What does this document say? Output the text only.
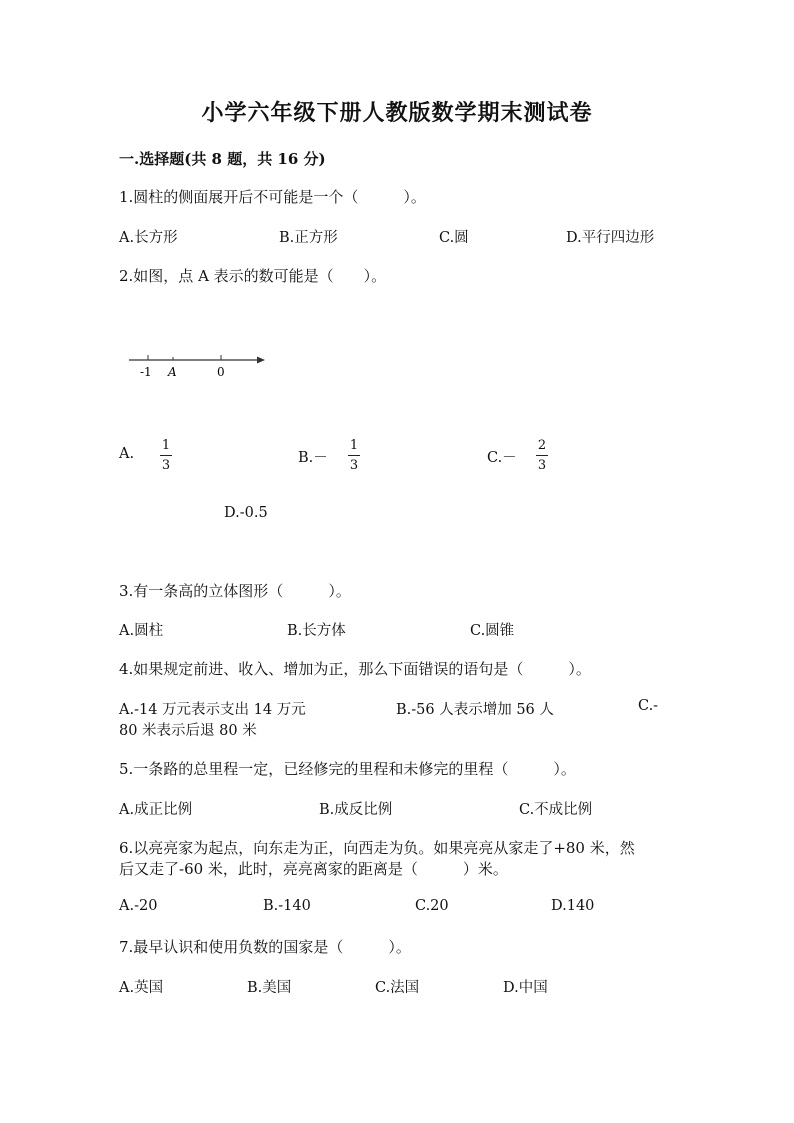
小学六年级下册人教版数学期末测试卷
一.选择题(共 8 题，共 16 分)
1.圆柱的侧面展开后不可能是一个（　　　）。
A.长方形	B.正方形	C.圆	D.平行四边形
2.如图，点 A 表示的数可能是（　　）。
-1 A	0
A.
1
3	B.－
1
3	C.－
2
3
D.-0.5
3.有一条高的立体图形（　　　）。
A.圆柱	B.长方体	C.圆锥
4.如果规定前进、收入、增加为正，那么下面错误的语句是（　　　）。
A.-14 万元表示支出 14 万元	B.-56 人表示增加 56 人	C.-
80 米表示后退 80 米
5.一条路的总里程一定，已经修完的里程和未修完的里程（　　　）。
A.成正比例	B.成反比例	C.不成比例
6.以亮亮家为起点，向东走为正，向西走为负。如果亮亮从家走了+80 米，然
后又走了-60 米，此时，亮亮离家的距离是（　　　）米。
A.-20	B.-140	C.20	D.140
7.最早认识和使用负数的国家是（　　　）。
A.英国	B.美国	C.法国	D.中国
